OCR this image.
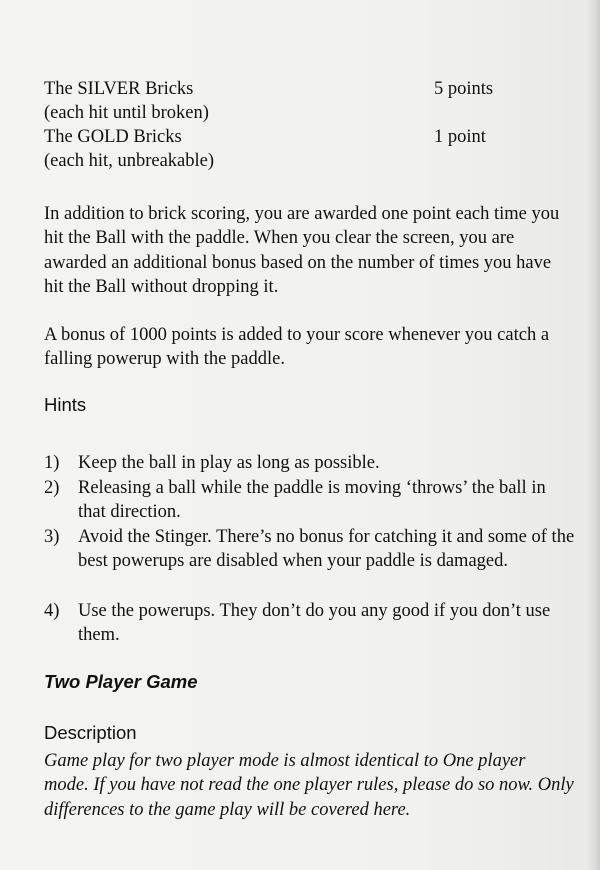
The SILVER Bricks	5 points
(each hit until broken)
The GOLD Bricks	1 point
(each hit, unbreakable)
In addition to brick scoring, you are awarded one point each time you hit the Ball with the paddle. When you clear the screen, you are awarded an additional bonus based on the number of times you have hit the Ball without dropping it.
A bonus of 1000 points is added to your score whenever you catch a falling powerup with the paddle.
Hints
1)	Keep the ball in play as long as possible.
2)	Releasing a ball while the paddle is moving ‘throws’ the ball in that direction.
3)	Avoid the Stinger. There’s no bonus for catching it and some of the best powerups are disabled when your paddle is damaged.
4)	Use the powerups. They don’t do you any good if you don’t use them.
Two Player Game
Description
Game play for two player mode is almost identical to One player mode. If you have not read the one player rules, please do so now. Only differences to the game play will be covered here.
